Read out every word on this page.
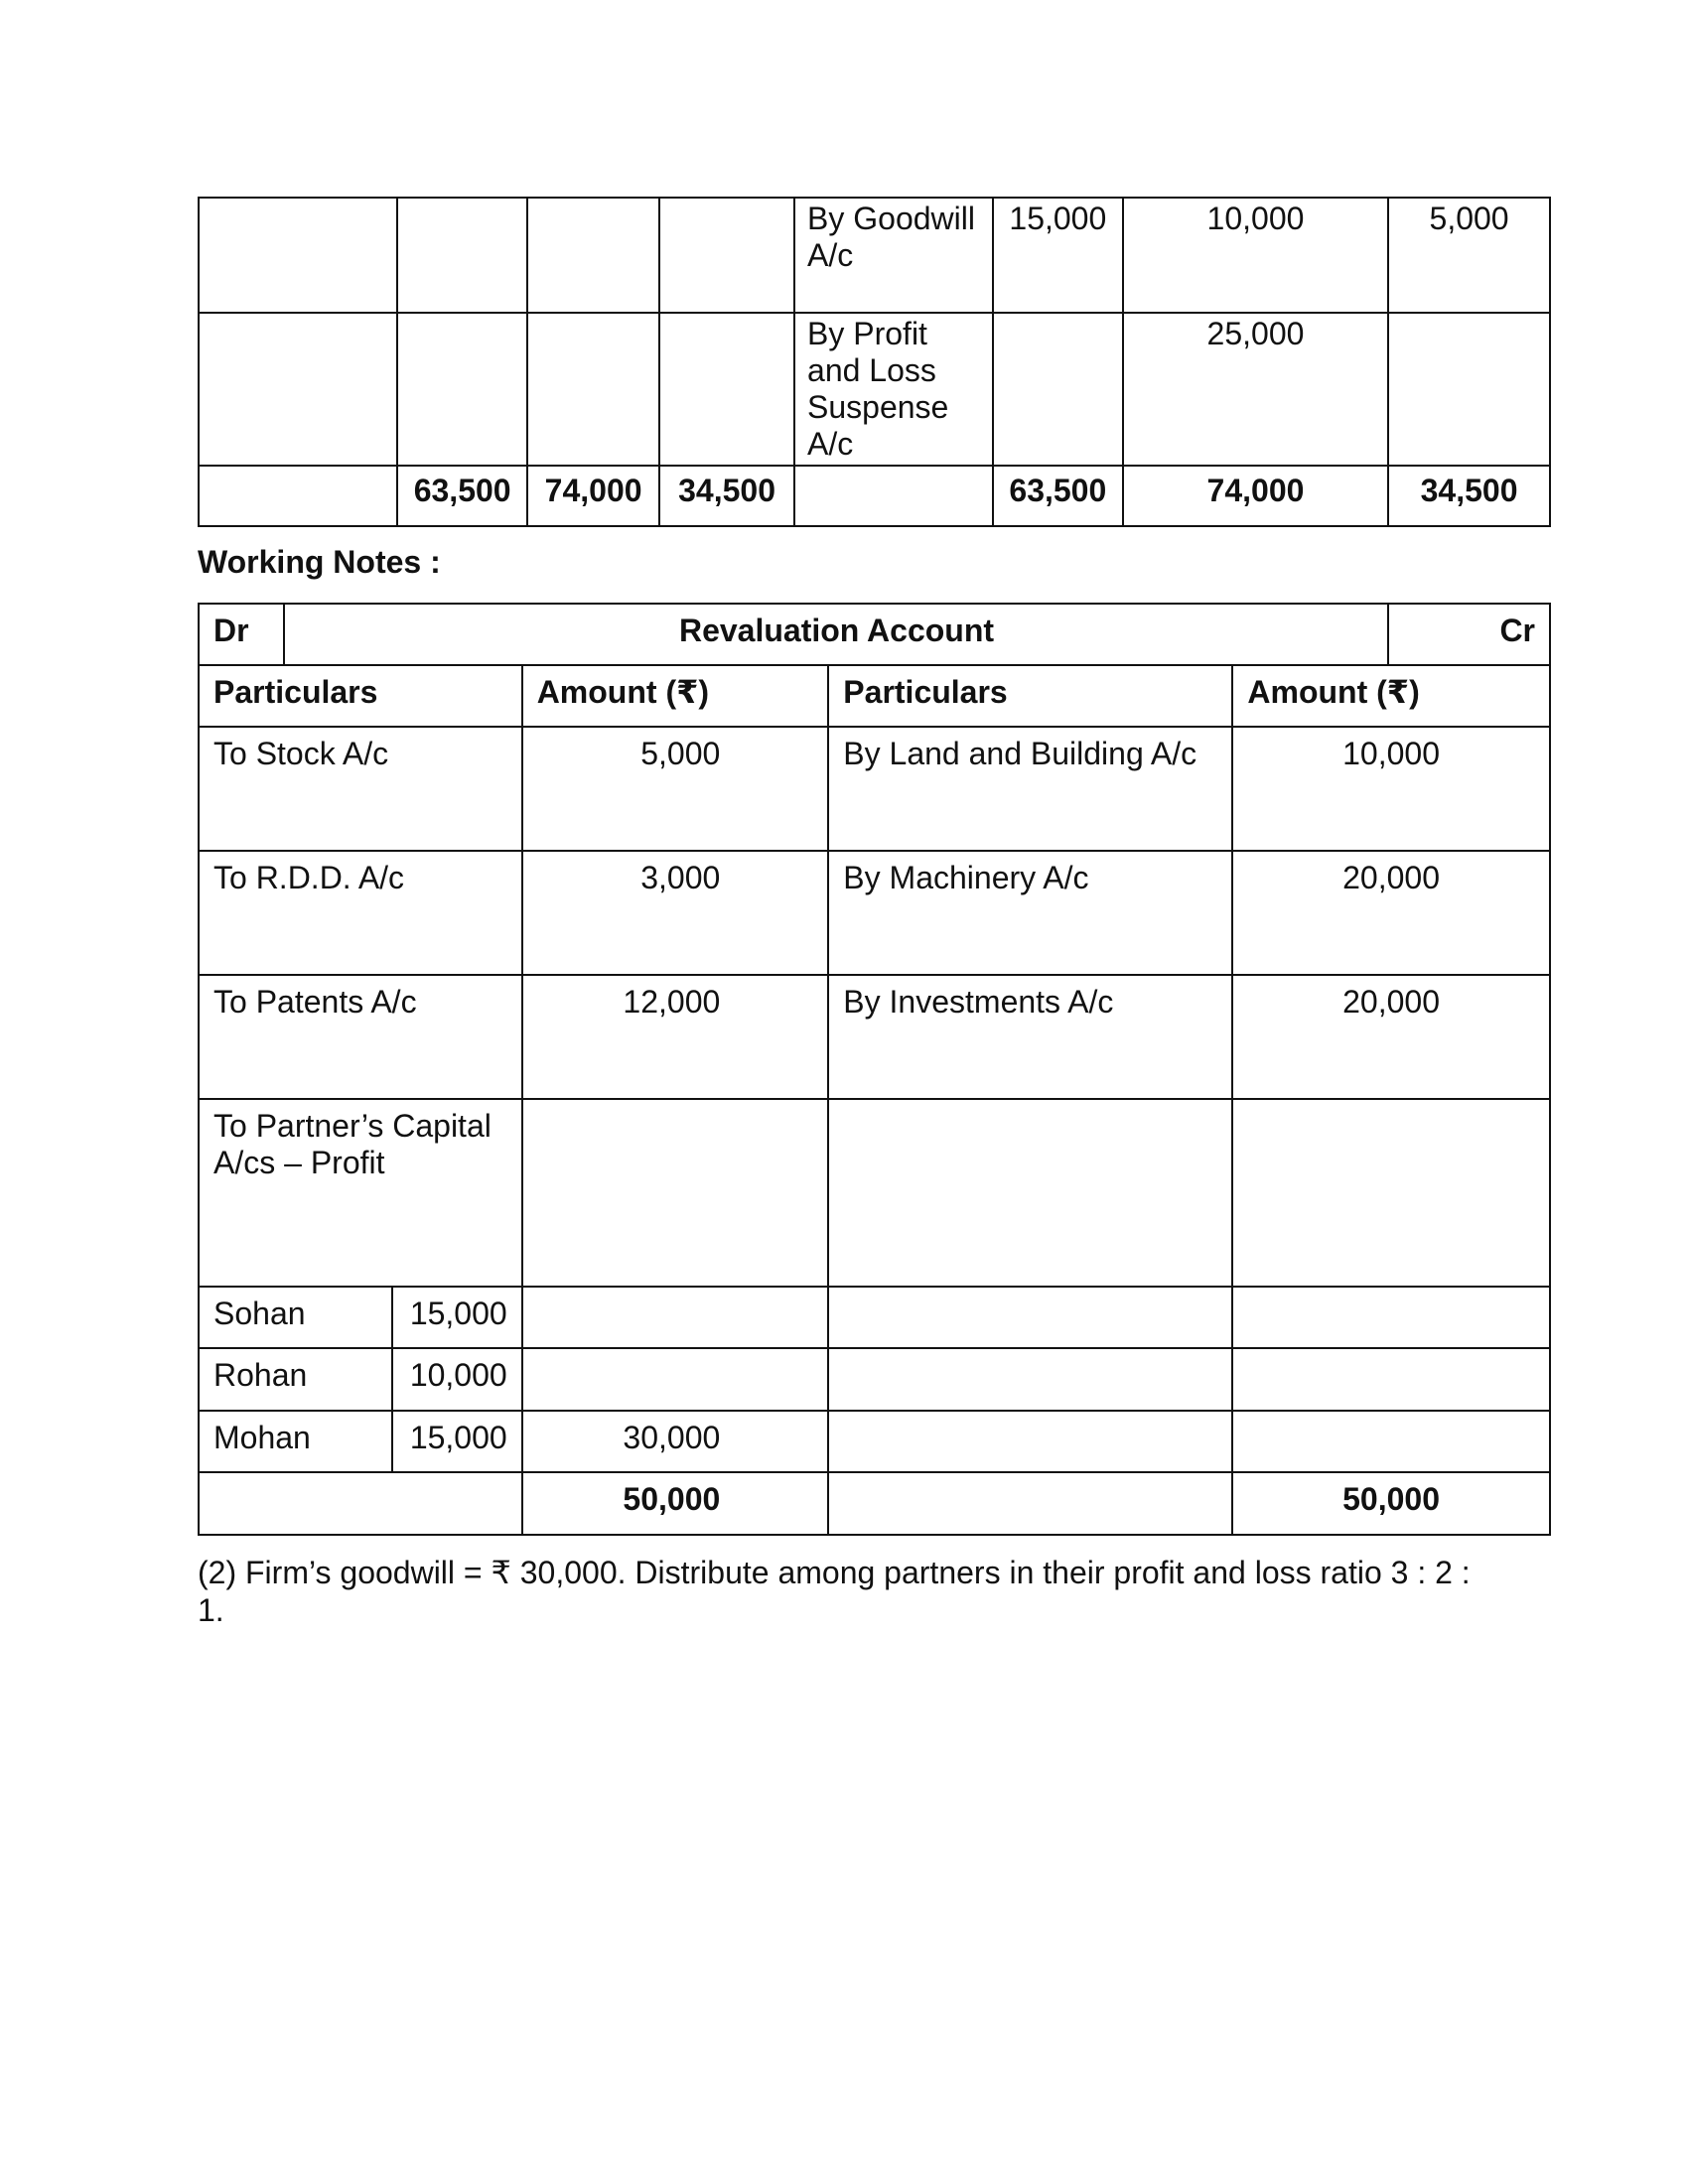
				By Goodwill A/c	15,000	10,000	5,000
				By Profit and Loss Suspense A/c		25,000	
	63,500	74,000	34,500		63,500	74,000	34,500
Working Notes :
Dr	Revaluation Account	Cr
Particulars		Amount (₹)	Particulars	Amount (₹)
To Stock A/c		5,000	By Land and Building A/c	10,000
To R.D.D. A/c		3,000	By Machinery A/c	20,000
To Patents A/c		12,000	By Investments A/c	20,000
To Partner’s Capital A/cs – Profit				
Sohan	15,000			
Rohan	10,000			
Mohan	15,000	30,000		
		50,000		50,000
(2) Firm’s goodwill = ₹ 30,000. Distribute among partners in their profit and loss ratio 3 : 2 : 1.
